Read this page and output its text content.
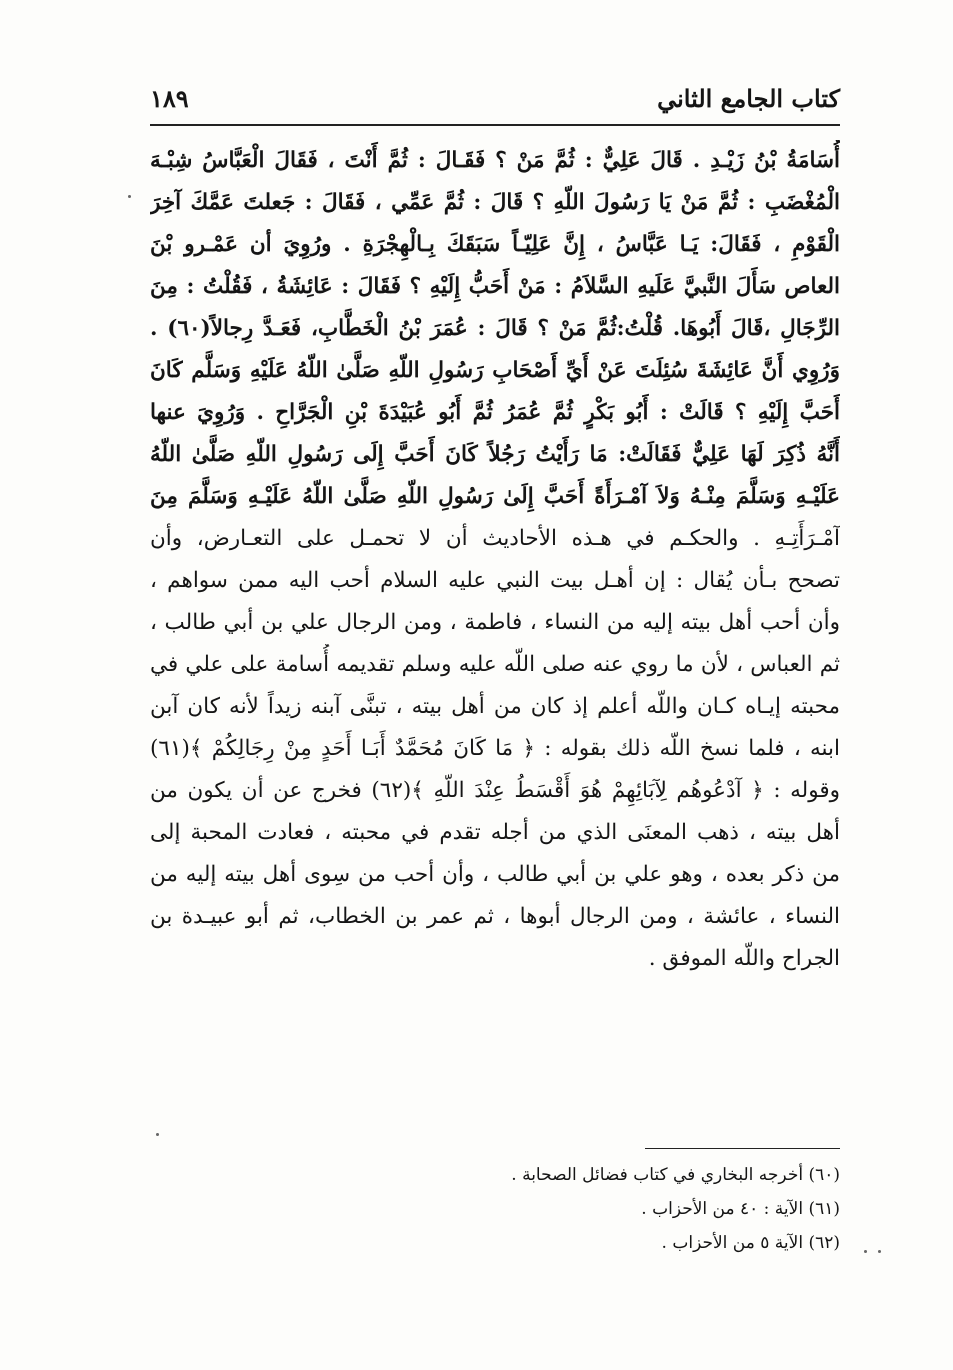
كتاب الجامع الثاني
١٨٩
أُسَامَةُ بْنُ زَيْـدِ . قَالَ عَلِيٌّ : ثُمَّ مَنْ ؟ فَقَـالَ : ثُمَّ أَنْتَ ، فَقَالَ الْعَبَّاسُ شِبْـهَ
الْمُغْضَبِ : ثُمَّ مَنْ يَا رَسُولَ اللّهِ ؟ قَالَ : ثُمَّ عَمِّي ، فَقَالَ : جَعلتَ عَمَّكَ آخِرَ
الْقَوْمِ ، فَقَالَ: يَـا عَبَّاسُ ، إِنَّ عَلِيّـاً سَبَقَكَ بِـالْهِجْرَةِ . ورُوِيَ أن عَمْـرو بْنَ
العاص سَأَلَ النَّبيَّ عَلَيهِ السَّلاَمُ : مَنْ أَحَبُّ إِلَيْهِ ؟ فَقَالَ : عَائِشَةُ ، فَقُلْتُ : مِنَ
الرِّجَالِ ،قَالَ أَبُوهَا. قُلْتُ:ثُمَّ مَنْ ؟ قَالَ : عُمَرَ بْنُ الْخَطَّابِ، فَعَـدَّ رِجالاً(٦٠) .
وَرُوِي أَنَّ عَائِشَةَ سُئِلَتَ عَنْ أَيِّ أَصْحَابِ رَسُولِ اللّهِ صَلَّىٰ اللّهُ عَلَيْهِ وَسَلَّم كَانَ
أَحَبَّ إِلَيْهِ ؟ قَالَتْ : أَبُو بَكْرٍ ثُمَّ عُمَرُ ثُمَّ أَبُو عُبَيْدَةَ بْنِ الْجَرَّاحِ . وَرُوِيَ عنها
أَنَّهُ ذُكِرَ لَهَا عَلِيٌّ فَقَالَتْ: مَا رَأَيْتُ رَجُلاً كَانَ أَحَبَّ إِلَى رَسُولِ اللّهِ صَلَّىٰ اللّهُ
عَلَيْـهِ وَسَلَّمَ مِنْـهُ وَلاَ آمْـرَأَةً أَحَبَّ إِلَىٰ رَسُولِ اللّهِ صَلَّىٰ اللّهُ عَلَيْـهِ وَسَلَّمَ مِنَ
آمْـرَأَتِـهِ . والحكـم في هـذه الأحاديث أن لا تحمـل على التعـارض، وأن
تصحح بـأن يُقال : إن أهـل بيت النبي عليه السلام أحب اليه ممن سواهم ،
وأن أحب أهل بيته إليه من النساء ، فاطمة ، ومن الرجال علي بن أبي طالب ،
ثم العباس ، لأن ما روي عنه صلى اللّه عليه وسلم تقديمه أُسامة على علي في
محبته إيـاه كـان واللّه أعلم إذ كان من أهل بيته ، تبنَّى آبنه زيداً لأنه كان آبن
ابنه ، فلما نسخ اللّه ذلك بقوله : ﴿ مَا كَانَ مُحَمَّدٌ أَبَـا أَحَدٍ مِنْ رِجَالِكُمْ ﴾(٦١)
وقوله : ﴿ آدْعُوهُم لِآبَائِهِمْ هُوَ أَقْسَطُ عِنْدَ اللّهِ ﴾(٦٢) فخرج عن أن يكون من
أهل بيته ، ذهب المعنَى الذي من أجله تقدم في محبته ، فعادت المحبة إلى
من ذكر بعده ، وهو علي بن أبي طالب ، وأن أحب من سِوى أهل بيته إليه من
النساء ، عائشة ، ومن الرجال أبوها ، ثم عمر بن الخطاب، ثم أبو عبيـدة بن
الجراح واللّه الموفق .
(٦٠) أخرجه البخاري في كتاب فضائل الصحابة .
(٦١) الآية : ٤٠ من الأحزاب .
(٦٢) الآية ٥ من الأحزاب .
